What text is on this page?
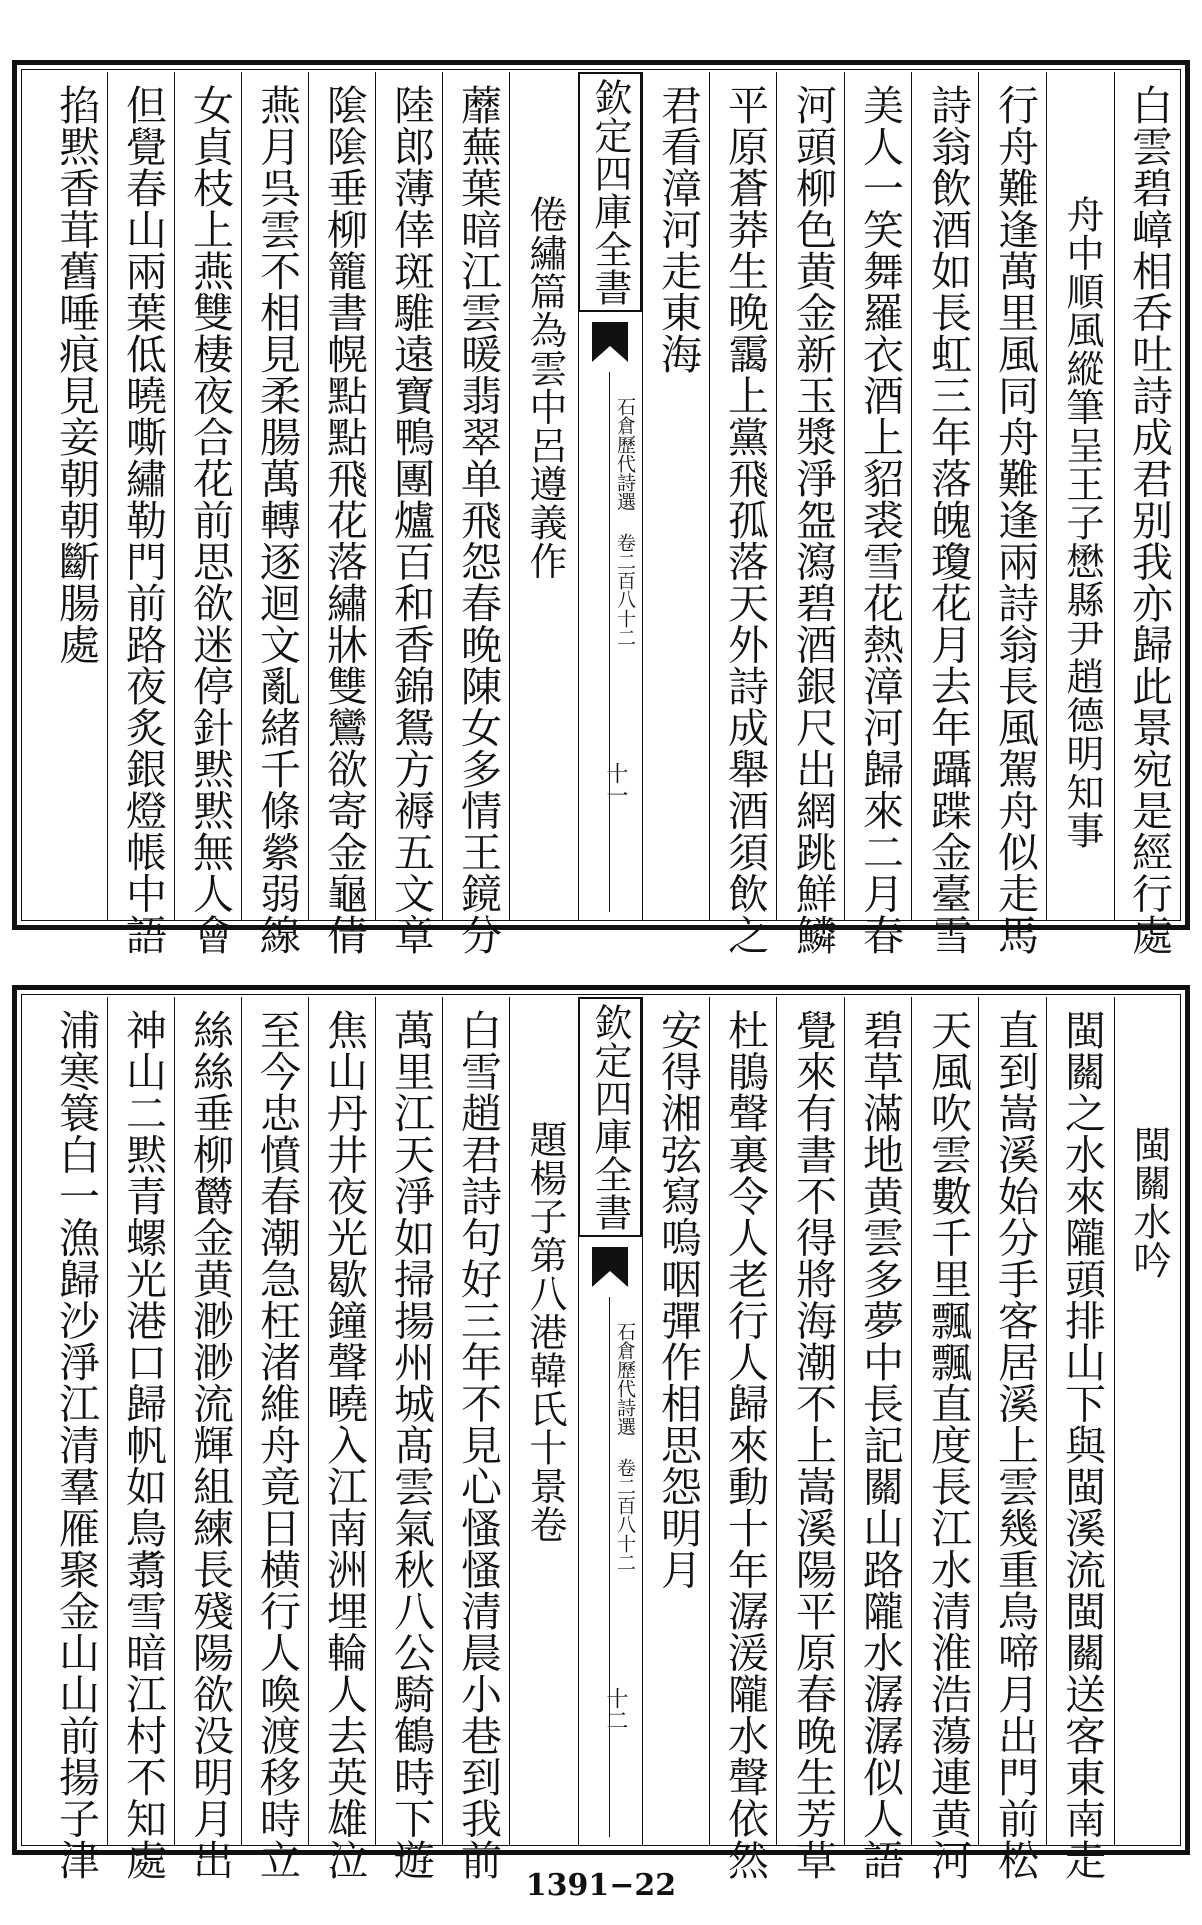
白雲碧嶂相呑吐詩成君别我亦歸此景宛是經行處
舟中順風縱筆呈王子懋縣尹趙德明知事
行舟難逢萬里風同舟難逢兩詩翁長風駕舟似走馬
詩翁飲酒如長虹三年落魄瓊花月去年躡蹀金臺雪
美人一笑舞羅衣酒上貂裘雪花熱漳河歸來二月春
河頭柳色黄金新玉漿淨盌瀉碧酒銀尺出網跳鮮鱗
平原蒼莽生晚靄上黨飛孤落天外詩成舉酒須飲之
君看漳河走東海
欽定四庫全書
石倉歷代詩選 卷二百八十二
十一
倦繡篇為雲中呂遵義作
蘼蕪葉暗江雲暖翡翠单飛怨春晚陳女多情王鏡分
陸郎薄倖斑騅遠寶鴨團爐百和香錦鴛方褥五文章
隂隂垂柳籠書幌點點飛花落繡牀雙鸞欲寄金龜倩
燕月呉雲不相見柔腸萬轉逐迴文亂緒千條縈弱線
女貞枝上燕雙棲夜合花前思欲迷停針黙黙無人會
但覺春山兩葉低曉嘶繡勒門前路夜炙銀燈帳中語
掐黙香茸舊唾痕見妾朝朝斷腸處
閩關水吟
閩關之水來隴頭排山下與閩溪流閩關送客東南走
直到嵩溪始分手客居溪上雲幾重鳥啼月出門前松
天風吹雲數千里飄飄直度長江水清淮浩蕩連黄河
碧草滿地黄雲多夢中長記關山路隴水潺潺似人語
覺來有書不得將海潮不上嵩溪陽平原春晚生芳草
杜鵑聲裏令人老行人歸來動十年潺湲隴水聲依然
安得湘弦寫嗚咽彈作相思怨明月
欽定四庫全書
石倉歷代詩選 卷二百八十二
十二
題楊子第八港韓氏十景卷
白雪趙君詩句好三年不見心慅慅清晨小巷到我前
萬里江天淨如掃揚州城髙雲氣秋八公騎鶴時下遊
焦山丹井夜光歇鐘聲曉入江南洲埋輪人去英雄泣
至今忠憤春潮急枉渚維舟竟日横行人喚渡移時立
絲絲垂柳欝金黄渺渺流輝組練長殘陽欲没明月出
神山二黙青螺光港口歸帆如鳥翥雪暗江村不知處
浦寒簑白一漁歸沙淨江清羣雁聚金山山前揚子津
1391−22
